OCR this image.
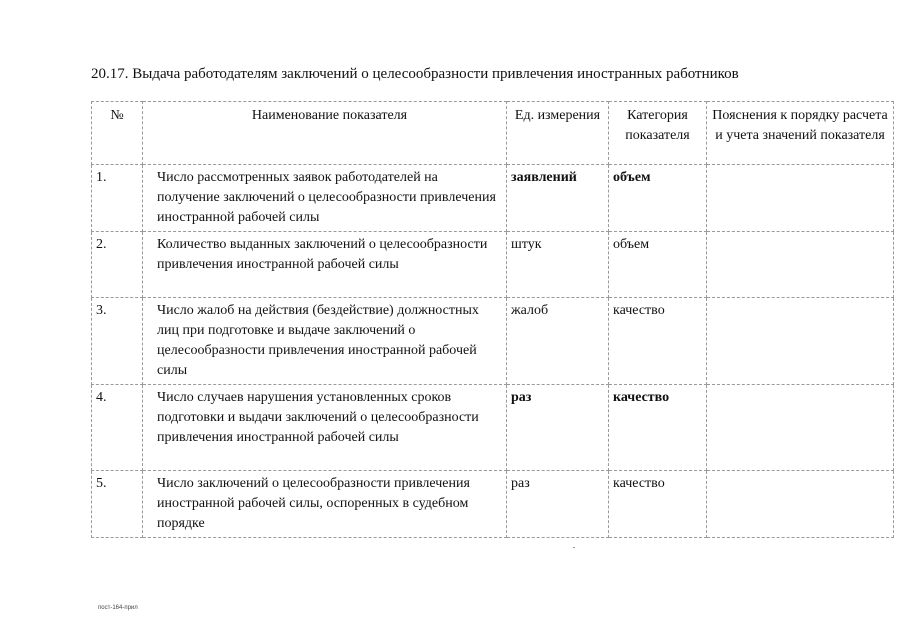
20.17. Выдача работодателям заключений о целесообразности привлечения иностранных работников
№	Наименование показателя	Ед. измерения	Категория показателя	Пояснения к порядку расчета и учета значений показателя
1.	Число рассмотренных заявок работодателей на получение заключений о целесообразности привлечения иностранной рабочей силы	заявлений	объем	
2.	Количество выданных заключений о целесообразности привлечения иностранной рабочей силы	штук	объем	
3.	Число жалоб на действия (бездействие) должностных лиц при подготовке и выдаче заключений о целесообразности привлечения иностранной рабочей силы	жалоб	качество	
4.	Число случаев нарушения установленных сроков подготовки и выдачи заключений о целесообразности привлечения иностранной рабочей силы	раз	качество	
5.	Число заключений о целесообразности привлечения иностранной рабочей силы, оспоренных в судебном порядке	раз	качество	
пост-164-прил
